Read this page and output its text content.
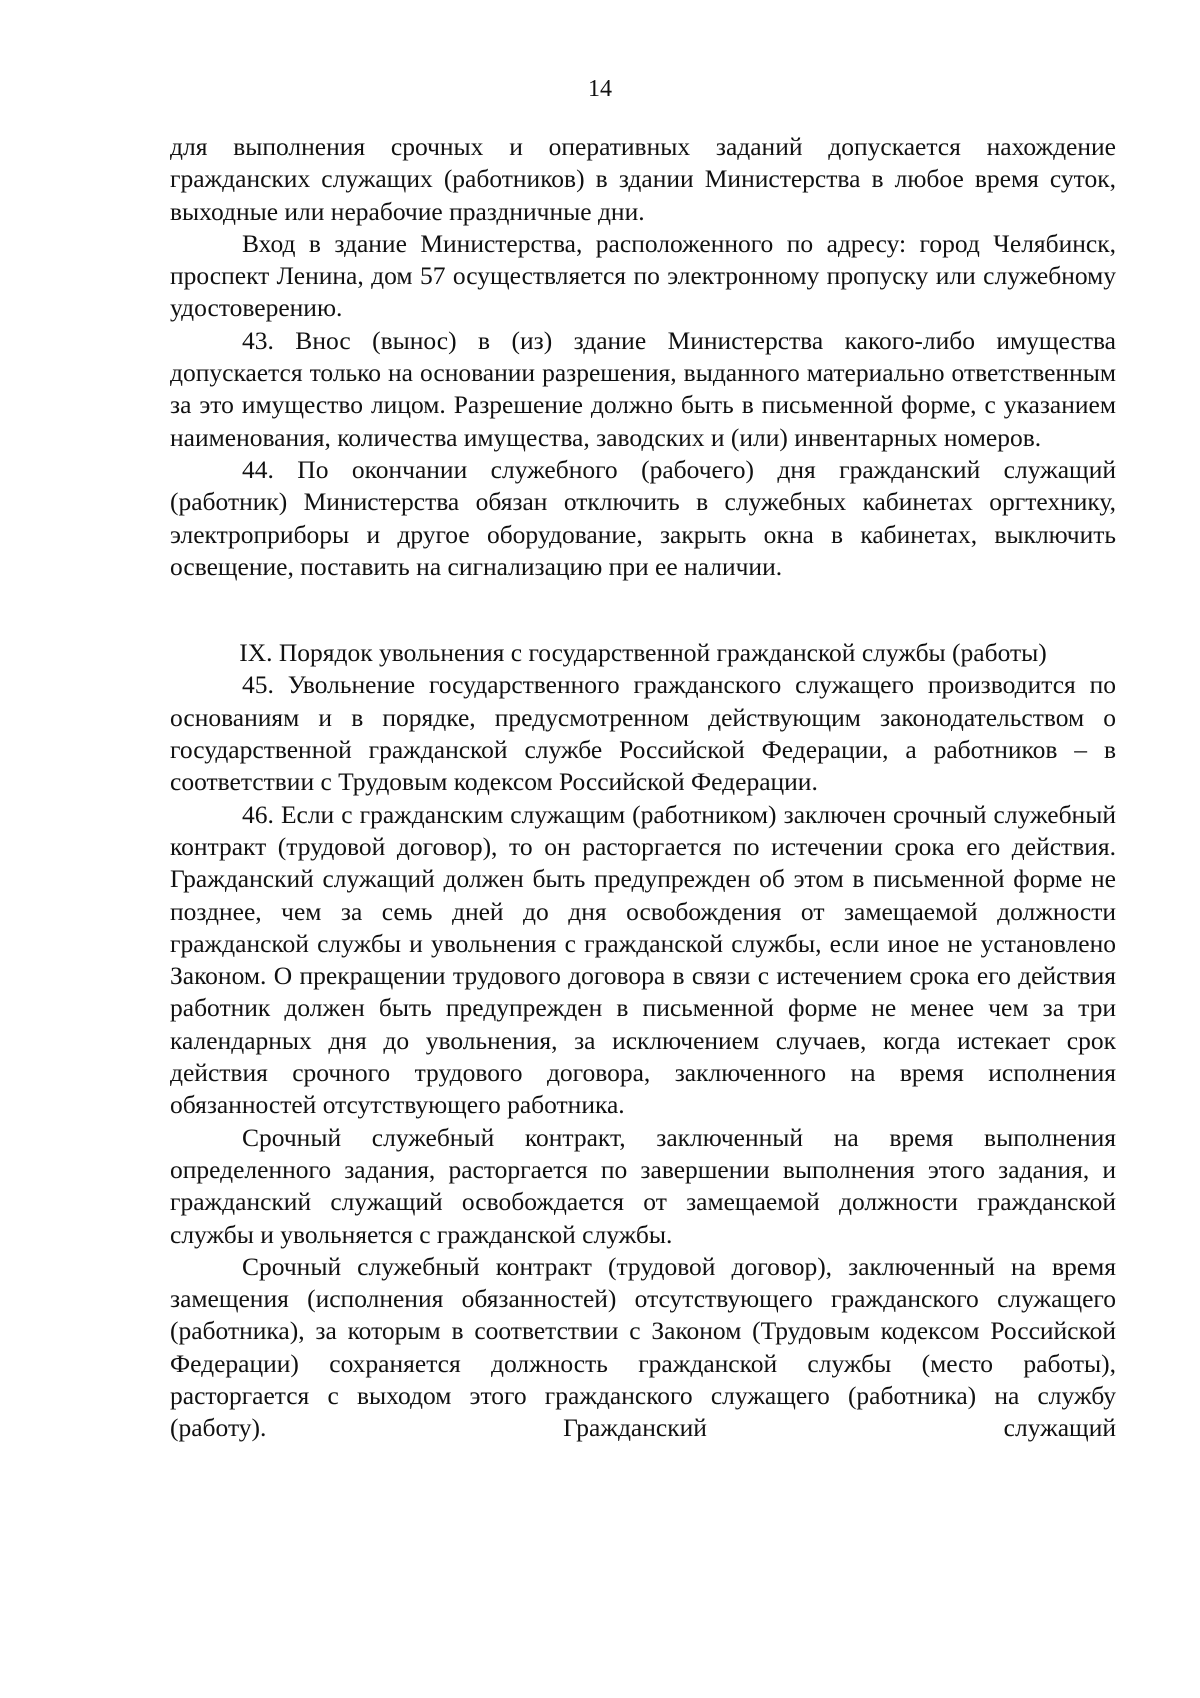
14

для выполнения срочных и оперативных заданий допускается нахождение гражданских служащих (работников) в здании Министерства в любое время суток, выходные или нерабочие праздничные дни.

Вход в здание Министерства, расположенного по адресу: город Челябинск, проспект Ленина, дом 57 осуществляется по электронному пропуску или служебному удостоверению.

43. Внос (вынос) в (из) здание Министерства какого-либо имущества допускается только на основании разрешения, выданного материально ответственным за это имущество лицом. Разрешение должно быть в письменной форме, с указанием наименования, количества имущества, заводских и (или) инвентарных номеров.

44. По окончании служебного (рабочего) дня гражданский служащий (работник) Министерства обязан отключить в служебных кабинетах оргтехнику, электроприборы и другое оборудование, закрыть окна в кабинетах, выключить освещение, поставить на сигнализацию при ее наличии.

IX. Порядок увольнения с государственной гражданской службы (работы)

45. Увольнение государственного гражданского служащего производится по основаниям и в порядке, предусмотренном действующим законодательством о государственной гражданской службе Российской Федерации, а работников – в соответствии с Трудовым кодексом Российской Федерации.

46. Если с гражданским служащим (работником) заключен срочный служебный контракт (трудовой договор), то он расторгается по истечении срока его действия. Гражданский служащий должен быть предупрежден об этом в письменной форме не позднее, чем за семь дней до дня освобождения от замещаемой должности гражданской службы и увольнения с гражданской службы, если иное не установлено Законом. О прекращении трудового договора в связи с истечением срока его действия работник должен быть предупрежден в письменной форме не менее чем за три календарных дня до увольнения, за исключением случаев, когда истекает срок действия срочного трудового договора, заключенного на время исполнения обязанностей отсутствующего работника.

Срочный служебный контракт, заключенный на время выполнения определенного задания, расторгается по завершении выполнения этого задания, и гражданский служащий освобождается от замещаемой должности гражданской службы и увольняется с гражданской службы.

Срочный служебный контракт (трудовой договор), заключенный на время замещения (исполнения обязанностей) отсутствующего гражданского служащего (работника), за которым в соответствии с Законом (Трудовым кодексом Российской Федерации) сохраняется должность гражданской службы (место работы), расторгается с выходом этого гражданского служащего (работника) на службу (работу). Гражданский служащий
